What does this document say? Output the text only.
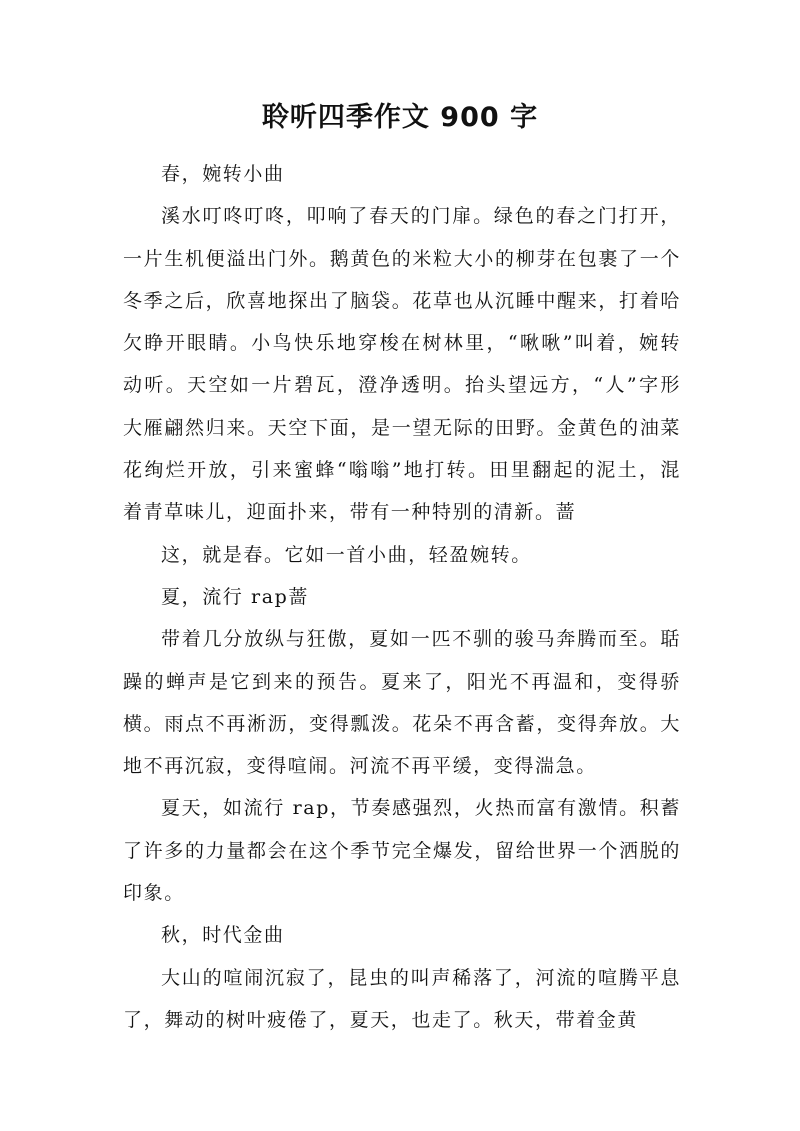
聆听四季作文 900 字

春，婉转小曲

溪水叮咚叮咚，叩响了春天的门扉。绿色的春之门打开，一片生机便溢出门外。鹅黄色的米粒大小的柳芽在包裹了一个冬季之后，欣喜地探出了脑袋。花草也从沉睡中醒来，打着哈欠睁开眼睛。小鸟快乐地穿梭在树林里，“啾啾”叫着，婉转动听。天空如一片碧瓦，澄净透明。抬头望远方，“人”字形大雁翩然归来。天空下面，是一望无际的田野。金黄色的油菜花绚烂开放，引来蜜蜂“嗡嗡”地打转。田里翻起的泥土，混着青草味儿，迎面扑来，带有一种特别的清新。蔷

这，就是春。它如一首小曲，轻盈婉转。

夏，流行 rap蔷

带着几分放纵与狂傲，夏如一匹不驯的骏马奔腾而至。聒躁的蝉声是它到来的预告。夏来了，阳光不再温和，变得骄横。雨点不再淅沥，变得瓢泼。花朵不再含蓄，变得奔放。大地不再沉寂，变得喧闹。河流不再平缓，变得湍急。

夏天，如流行 rap，节奏感强烈，火热而富有激情。积蓄了许多的力量都会在这个季节完全爆发，留给世界一个洒脱的印象。

秋，时代金曲

大山的喧闹沉寂了，昆虫的叫声稀落了，河流的喧腾平息了，舞动的树叶疲倦了，夏天，也走了。秋天，带着金黄
